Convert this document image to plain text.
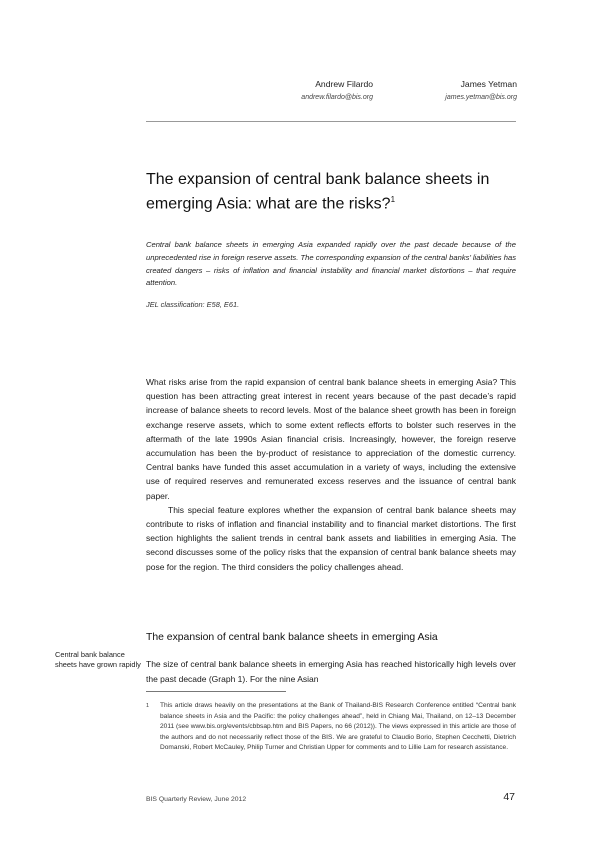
Andrew Filardo
andrew.filardo@bis.org
James Yetman
james.yetman@bis.org
The expansion of central bank balance sheets in emerging Asia: what are the risks?$^1$

Central bank balance sheets in emerging Asia expanded rapidly over the past decade because of the unprecedented rise in foreign reserve assets. The corresponding expansion of the central banks’ liabilities has created dangers – risks of inflation and financial instability and financial market distortions – that require attention.

JEL classification: E58, E61.

What risks arise from the rapid expansion of central bank balance sheets in emerging Asia? This question has been attracting great interest in recent years because of the past decade’s rapid increase of balance sheets to record levels. Most of the balance sheet growth has been in foreign exchange reserve assets, which to some extent reflects efforts to bolster such reserves in the aftermath of the late 1990s Asian financial crisis. Increasingly, however, the foreign reserve accumulation has been the by-product of resistance to appreciation of the domestic currency. Central banks have funded this asset accumulation in a variety of ways, including the extensive use of required reserves and remunerated excess reserves and the issuance of central bank paper.

This special feature explores whether the expansion of central bank balance sheets may contribute to risks of inflation and financial instability and to financial market distortions. The first section highlights the salient trends in central bank assets and liabilities in emerging Asia. The second discusses some of the policy risks that the expansion of central bank balance sheets may pose for the region. The third considers the policy challenges ahead.

The expansion of central bank balance sheets in emerging Asia
Central bank balance sheets have grown rapidly The size of central bank balance sheets in emerging Asia has reached historically high levels over the past decade (Graph 1). For the nine Asian

1 This article draws heavily on the presentations at the Bank of Thailand-BIS Research Conference entitled “Central bank balance sheets in Asia and the Pacific: the policy challenges ahead”, held in Chiang Mai, Thailand, on 12–13 December 2011 (see www.bis.org/events/cbbsap.htm and BIS Papers, no 66 (2012)). The views expressed in this article are those of the authors and do not necessarily reflect those of the BIS. We are grateful to Claudio Borio, Stephen Cecchetti, Dietrich Domanski, Robert McCauley, Philip Turner and Christian Upper for comments and to Lillie Lam for research assistance.

BIS Quarterly Review, June 2012	47
